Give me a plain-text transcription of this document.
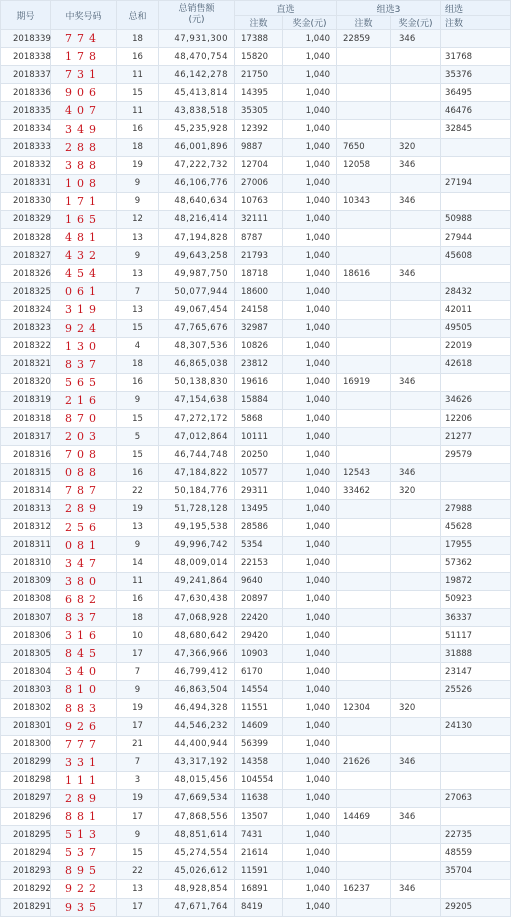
期号	中奖号码	总和	总销售额
(元)	直选		组选3		组选
				注数	奖金(元)	注数	奖金(元)	注数
2018339	774	18	47,931,300	17388	1,040	22859	346	
2018338	178	16	48,470,754	15820	1,040			31768
2018337	731	11	46,142,278	21750	1,040			35376
2018336	906	15	45,413,814	14395	1,040			36495
2018335	407	11	43,838,518	35305	1,040			46476
2018334	349	16	45,235,928	12392	1,040			32845
2018333	288	18	46,001,896	9887	1,040	7650	320	
2018332	388	19	47,222,732	12704	1,040	12058	346	
2018331	108	9	46,106,776	27006	1,040			27194
2018330	171	9	48,640,634	10763	1,040	10343	346	
2018329	165	12	48,216,414	32111	1,040			50988
2018328	481	13	47,194,828	8787	1,040			27944
2018327	432	9	49,643,258	21793	1,040			45608
2018326	454	13	49,987,750	18718	1,040	18616	346	
2018325	061	7	50,077,944	18600	1,040			28432
2018324	319	13	49,067,454	24158	1,040			42011
2018323	924	15	47,765,676	32987	1,040			49505
2018322	130	4	48,307,536	10826	1,040			22019
2018321	837	18	46,865,038	23812	1,040			42618
2018320	565	16	50,138,830	19616	1,040	16919	346	
2018319	216	9	47,154,638	15884	1,040			34626
2018318	870	15	47,272,172	5868	1,040			12206
2018317	203	5	47,012,864	10111	1,040			21277
2018316	708	15	46,744,748	20250	1,040			29579
2018315	088	16	47,184,822	10577	1,040	12543	346	
2018314	787	22	50,184,776	29311	1,040	33462	320	
2018313	289	19	51,728,128	13495	1,040			27988
2018312	256	13	49,195,538	28586	1,040			45628
2018311	081	9	49,996,742	5354	1,040			17955
2018310	347	14	48,009,014	22153	1,040			57362
2018309	380	11	49,241,864	9640	1,040			19872
2018308	682	16	47,630,438	20897	1,040			50923
2018307	837	18	47,068,928	22420	1,040			36337
2018306	316	10	48,680,642	29420	1,040			51117
2018305	845	17	47,366,966	10903	1,040			31888
2018304	340	7	46,799,412	6170	1,040			23147
2018303	810	9	46,863,504	14554	1,040			25526
2018302	883	19	46,494,328	11551	1,040	12304	320	
2018301	926	17	44,546,232	14609	1,040			24130
2018300	777	21	44,400,944	56399	1,040			
2018299	331	7	43,317,192	14358	1,040	21626	346	
2018298	111	3	48,015,456	104554	1,040			
2018297	289	19	47,669,534	11638	1,040			27063
2018296	881	17	47,868,556	13507	1,040	14469	346	
2018295	513	9	48,851,614	7431	1,040			22735
2018294	537	15	45,274,554	21614	1,040			48559
2018293	895	22	45,026,612	11591	1,040			35704
2018292	922	13	48,928,854	16891	1,040	16237	346	
2018291	935	17	47,671,764	8419	1,040			29205
